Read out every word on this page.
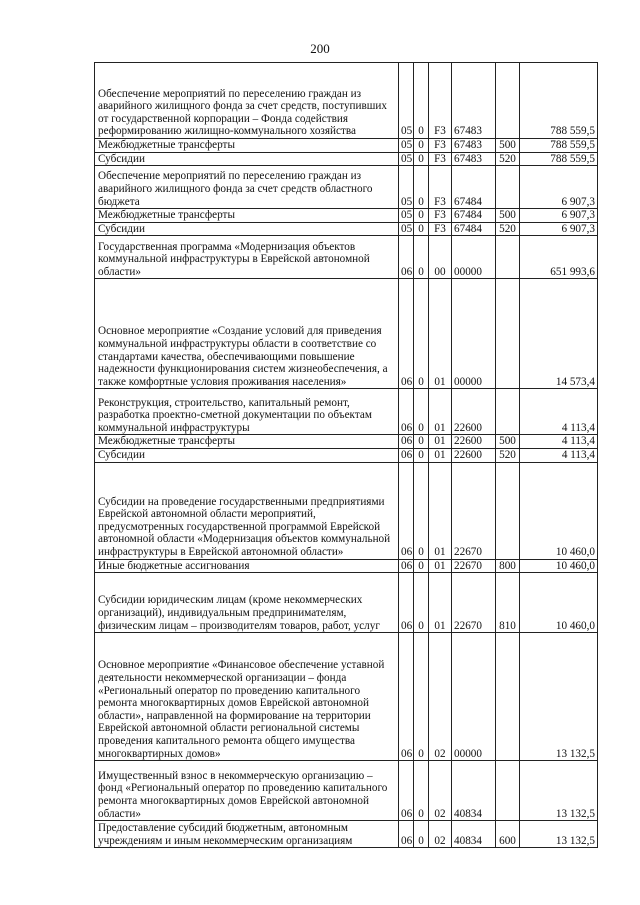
200
Обеспечение мероприятий по переселению граждан из аварийного жилищного фонда за счет средств, поступивших от государственной корпорации – Фонда содействия реформированию жилищно-коммунального хозяйства	05	0	F3	67483		788 559,5
Межбюджетные трансферты	05	0	F3	67483	500	788 559,5
Субсидии	05	0	F3	67483	520	788 559,5
Обеспечение мероприятий по переселению граждан из аварийного жилищного фонда за счет средств областного бюджета	05	0	F3	67484		6 907,3
Межбюджетные трансферты	05	0	F3	67484	500	6 907,3
Субсидии	05	0	F3	67484	520	6 907,3
Государственная программа «Модернизация объектов коммунальной инфраструктуры в Еврейской автономной области»	06	0	00	00000		651 993,6
Основное мероприятие «Создание условий для приведения коммунальной инфраструктуры области в соответствие со стандартами качества, обеспечивающими повышение надежности функционирования систем жизнеобеспечения, а также комфортные условия проживания населения»	06	0	01	00000		14 573,4
Реконструкция, строительство, капитальный ремонт, разработка проектно-сметной документации по объектам коммунальной инфраструктуры	06	0	01	22600		4 113,4
Межбюджетные трансферты	06	0	01	22600	500	4 113,4
Субсидии	06	0	01	22600	520	4 113,4
Субсидии на проведение государственными предприятиями Еврейской автономной области мероприятий, предусмотренных государственной программой Еврейской автономной области «Модернизация объектов коммунальной инфраструктуры в Еврейской автономной области»	06	0	01	22670		10 460,0
Иные бюджетные ассигнования	06	0	01	22670	800	10 460,0
Субсидии юридическим лицам (кроме некоммерческих организаций), индивидуальным предпринимателям, физическим лицам – производителям товаров, работ, услуг	06	0	01	22670	810	10 460,0
Основное мероприятие «Финансовое обеспечение уставной деятельности некоммерческой организации – фонда «Региональный оператор по проведению капитального ремонта многоквартирных домов Еврейской автономной области», направленной на формирование на территории Еврейской автономной области региональной системы проведения капитального ремонта общего имущества многоквартирных домов»	06	0	02	00000		13 132,5
Имущественный взнос в некоммерческую организацию – фонд «Региональный оператор по проведению капитального ремонта многоквартирных домов Еврейской автономной области»	06	0	02	40834		13 132,5
Предоставление субсидий бюджетным, автономным учреждениям и иным некоммерческим организациям	06	0	02	40834	600	13 132,5
